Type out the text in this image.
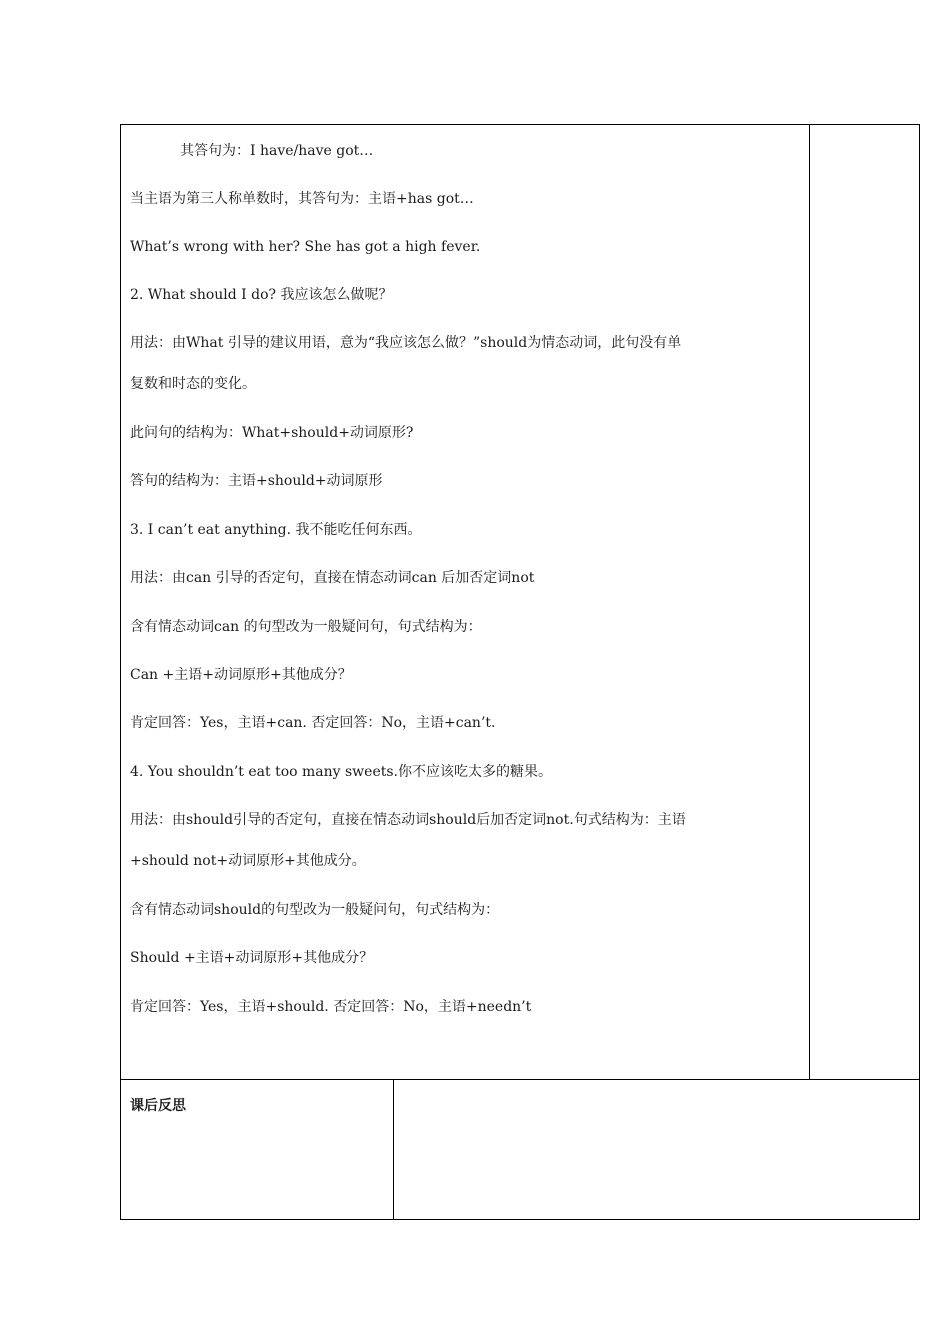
其答句为：I have/have got…
当主语为第三人称单数时，其答句为：主语+has got…
What’s wrong with her? She has got a high fever.
2. What should I do? 我应该怎么做呢？
用法：由What 引导的建议用语，意为“我应该怎么做？”should为情态动词，此句没有单
复数和时态的变化。
此问句的结构为：What+should+动词原形?
答句的结构为：主语+should+动词原形
3. I can’t eat anything. 我不能吃任何东西。
用法：由can 引导的否定句，直接在情态动词can 后加否定词not
含有情态动词can 的句型改为一般疑问句，句式结构为：
Can +主语+动词原形+其他成分？
肯定回答：Yes，主语+can. 否定回答：No，主语+can’t.
4. You shouldn’t eat too many sweets.你不应该吃太多的糖果。
用法：由should引导的否定句，直接在情态动词should后加否定词not.句式结构为：主语
+should not+动词原形+其他成分。
含有情态动词should的句型改为一般疑问句，句式结构为：
Should +主语+动词原形+其他成分？
肯定回答：Yes，主语+should. 否定回答：No，主语+needn’t
课后反思
